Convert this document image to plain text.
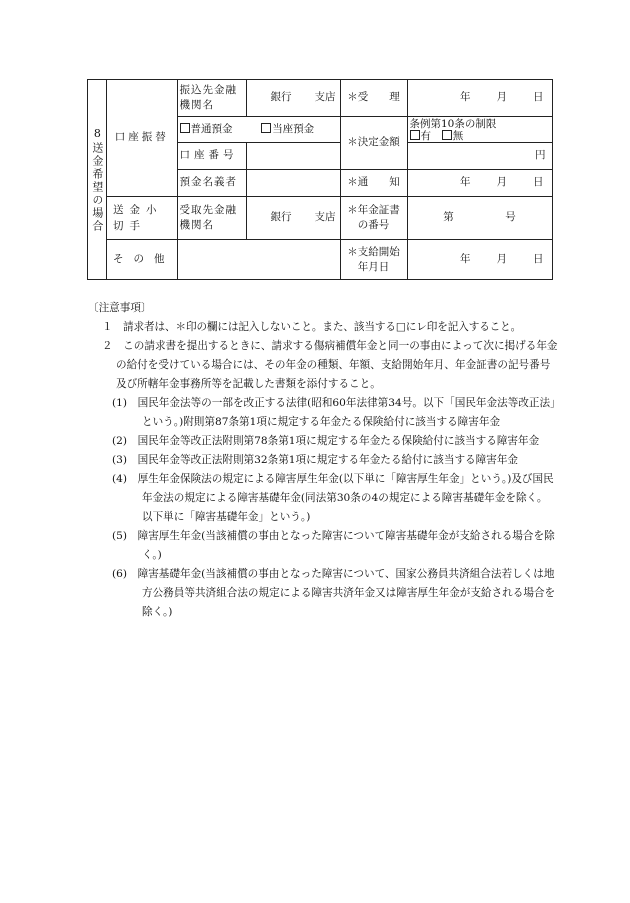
8送金希望の場合	口座振替	振込先金融機関名	銀行 支店	＊受　　理	年 月 日

		普通預金 当座預金		＊決定金額	条例第10条の制限
有 無

		口座番号			円
		預金名義者		＊通　　知	年 月 日

	送金小切手	受取先金融機関名	銀行 支店	＊年金証書の番号	第 号

	その他			＊支給開始年月日	年 月 日

〔注意事項〕

１　請求者は、＊印の欄には記入しないこと。また、該当する□にレ印を記入すること。

２　この請求書を提出するときに、請求する傷病補償年金と同一の事由によって次に掲げる年金の給付を受けている場合には、その年金の種類、年額、支給開始年月、年金証書の記号番号及び所轄年金事務所等を記載した書類を添付すること。

(1)　国民年金法等の一部を改正する法律(昭和60年法律第34号。以下「国民年金法等改正法」という。)附則第87条第1項に規定する年金たる保険給付に該当する障害年金

(2)　国民年金等改正法附則第78条第1項に規定する年金たる保険給付に該当する障害年金

(3)　国民年金等改正法附則第32条第1項に規定する年金たる給付に該当する障害年金

(4)　厚生年金保険法の規定による障害厚生年金(以下単に「障害厚生年金」という。)及び国民年金法の規定による障害基礎年金(同法第30条の4の規定による障害基礎年金を除く。以下単に「障害基礎年金」という。)

(5)　障害厚生年金(当該補償の事由となった障害について障害基礎年金が支給される場合を除く。)

(6)　障害基礎年金(当該補償の事由となった障害について、国家公務員共済組合法若しくは地方公務員等共済組合法の規定による障害共済年金又は障害厚生年金が支給される場合を除く。)
